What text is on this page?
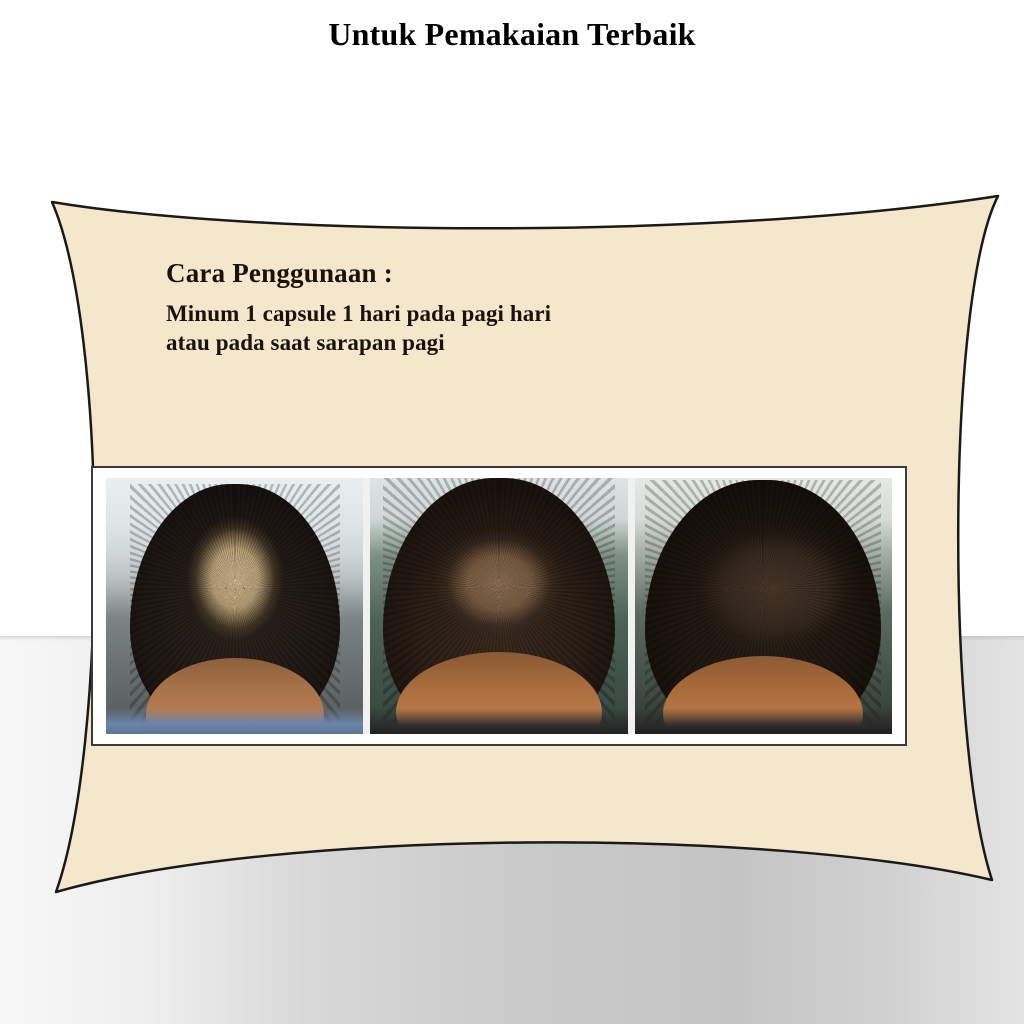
Untuk Pemakaian Terbaik
Cara Penggunaan :
Minum 1 capsule 1 hari pada pagi hari
atau pada saat sarapan pagi
